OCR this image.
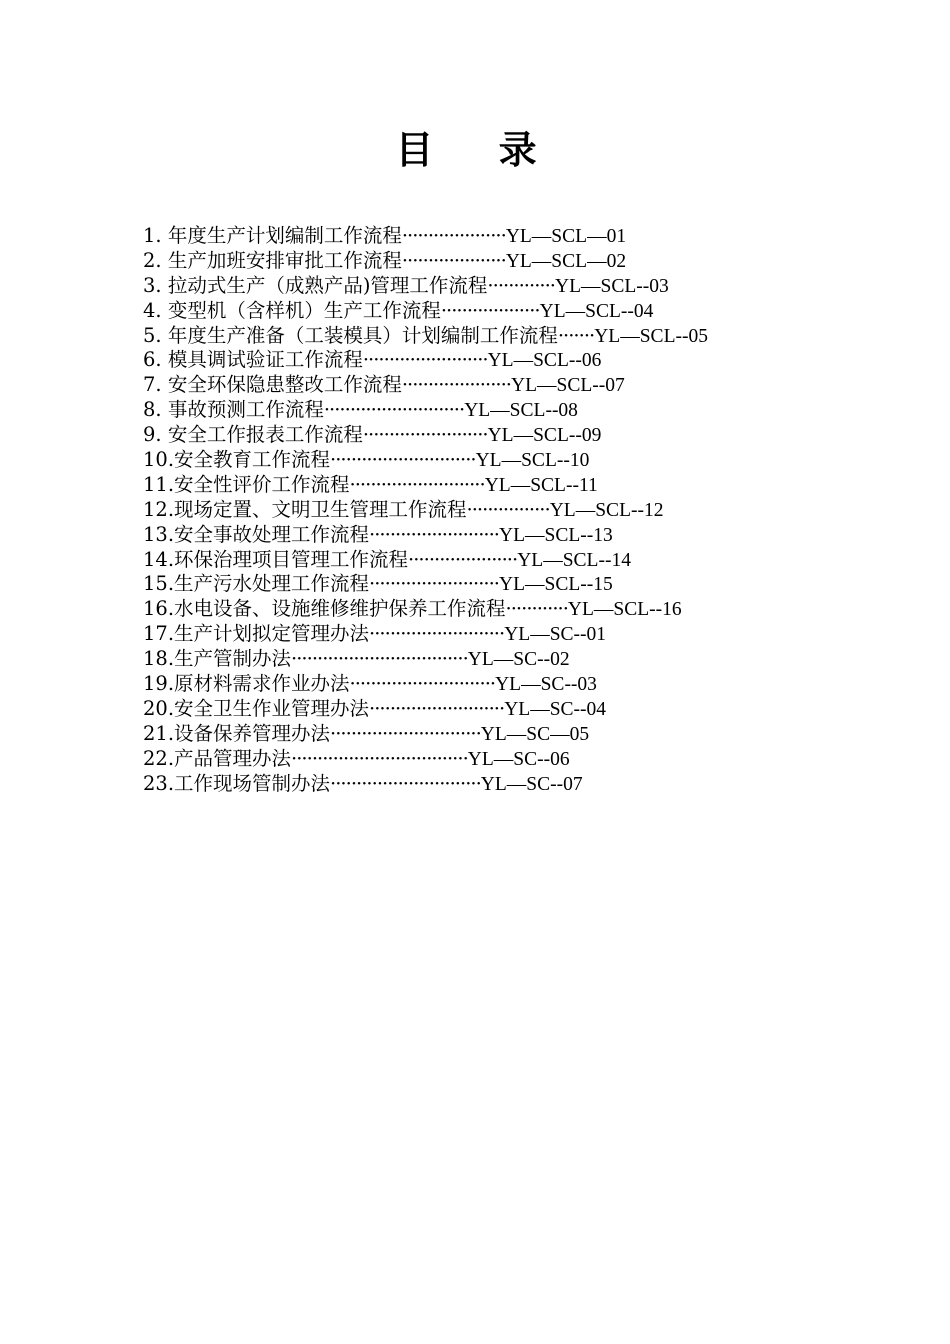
目 录
1. 年度生产计划编制工作流程····················YL—SCL—01
2. 生产加班安排审批工作流程····················YL—SCL—02
3. 拉动式生产（成熟产品)管理工作流程·············YL—SCL--03
4. 变型机（含样机）生产工作流程···················YL—SCL--04
5. 年度生产准备（工装模具）计划编制工作流程·······YL—SCL--05
6. 模具调试验证工作流程························YL—SCL--06
7. 安全环保隐患整改工作流程·····················YL—SCL--07
8. 事故预测工作流程···························YL—SCL--08
9. 安全工作报表工作流程························YL—SCL--09
10.安全教育工作流程····························YL—SCL--10
11.安全性评价工作流程··························YL—SCL--11
12.现场定置、文明卫生管理工作流程················YL—SCL--12
13.安全事故处理工作流程·························YL—SCL--13
14.环保治理项目管理工作流程·····················YL—SCL--14
15.生产污水处理工作流程·························YL—SCL--15
16.水电设备、设施维修维护保养工作流程············YL—SCL--16
17.生产计划拟定管理办法··························YL—SC--01
18.生产管制办法··································YL—SC--02
19.原材料需求作业办法····························YL—SC--03
20.安全卫生作业管理办法··························YL—SC--04
21.设备保养管理办法·····························YL—SC—05
22.产品管理办法··································YL—SC--06
23.工作现场管制办法·····························YL—SC--07
